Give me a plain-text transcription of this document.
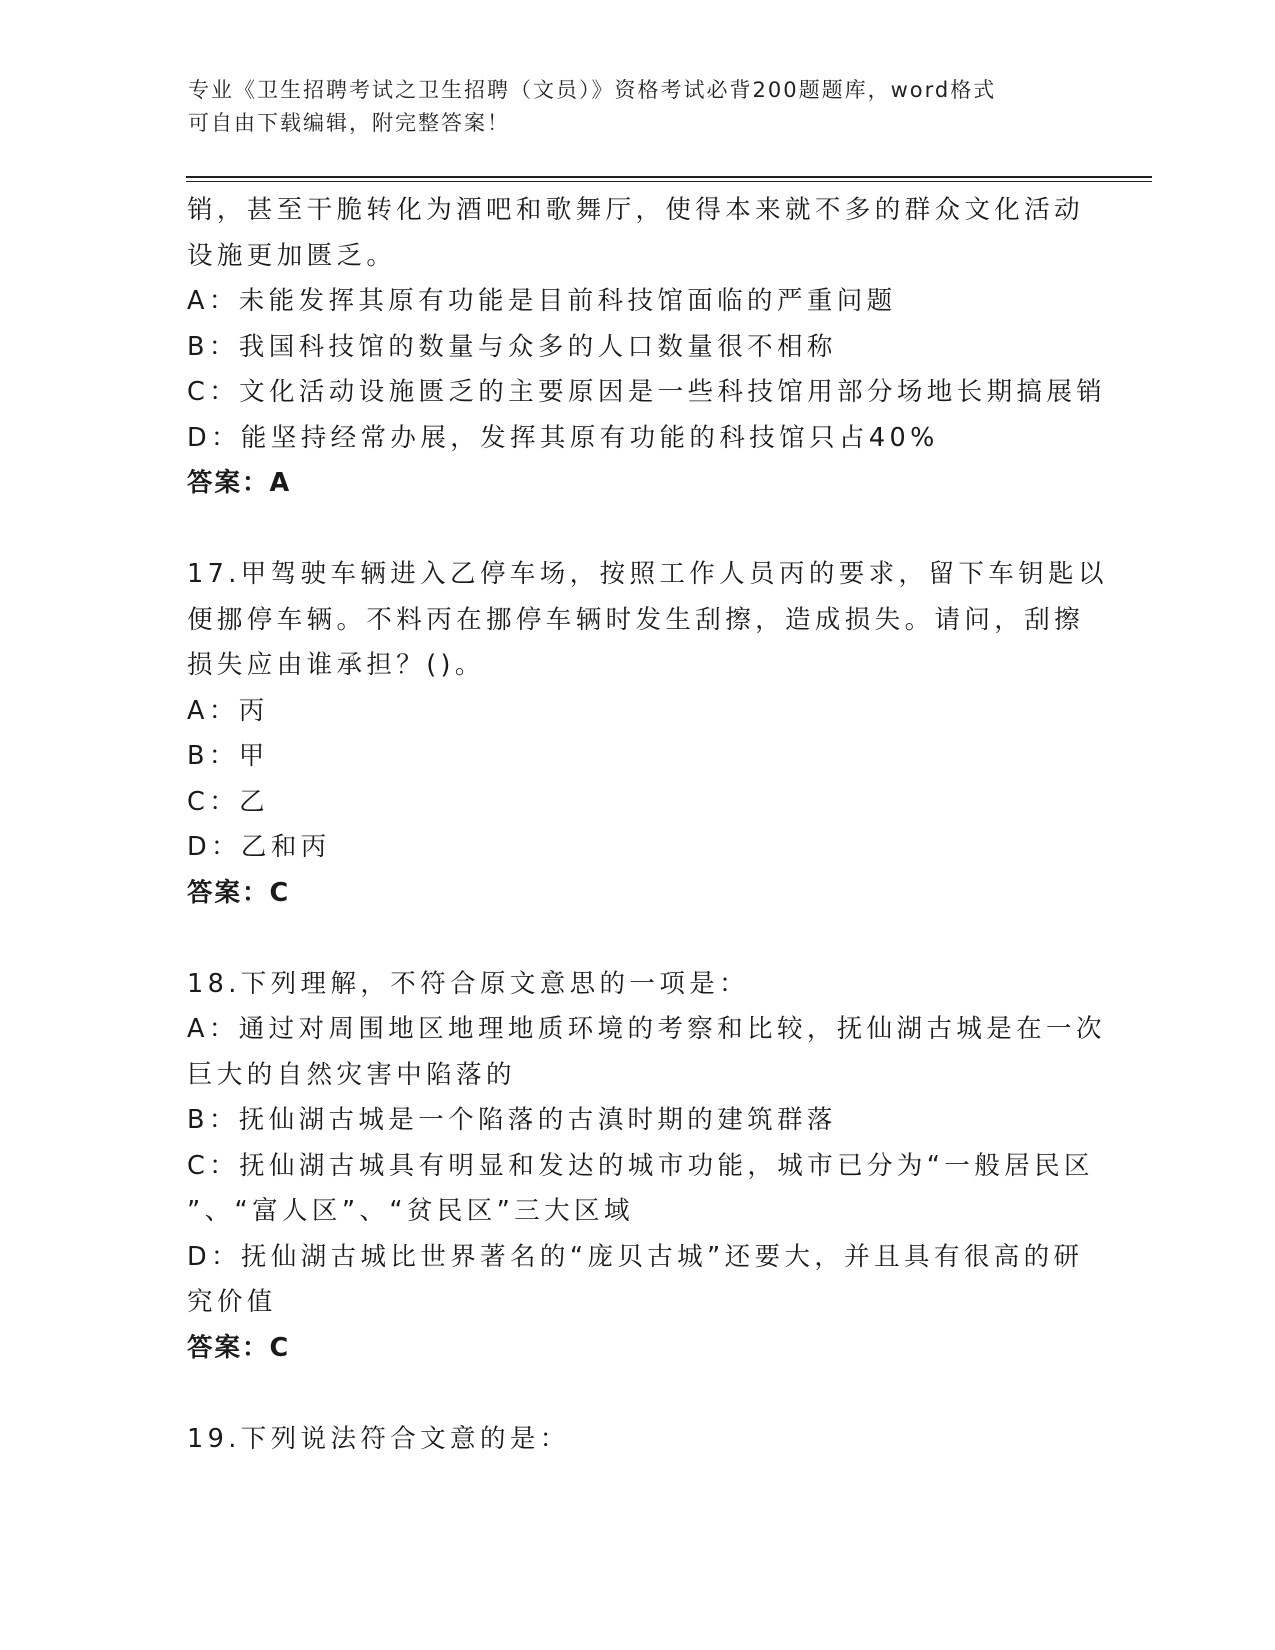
专业《卫生招聘考试之卫生招聘（文员）》资格考试必背200题题库，word格式
可自由下载编辑，附完整答案！
销，甚至干脆转化为酒吧和歌舞厅，使得本来就不多的群众文化活动
设施更加匮乏。
A：未能发挥其原有功能是目前科技馆面临的严重问题
B：我国科技馆的数量与众多的人口数量很不相称
C：文化活动设施匮乏的主要原因是一些科技馆用部分场地长期搞展销
D：能坚持经常办展，发挥其原有功能的科技馆只占40%
答案：A
17.甲驾驶车辆进入乙停车场，按照工作人员丙的要求，留下车钥匙以
便挪停车辆。不料丙在挪停车辆时发生刮擦，造成损失。请问，刮擦
损失应由谁承担？()。
A：丙
B：甲
C：乙
D：乙和丙
答案：C
18.下列理解，不符合原文意思的一项是：
A：通过对周围地区地理地质环境的考察和比较，抚仙湖古城是在一次
巨大的自然灾害中陷落的
B：抚仙湖古城是一个陷落的古滇时期的建筑群落
C：抚仙湖古城具有明显和发达的城市功能，城市已分为“一般居民区
”、“富人区”、“贫民区”三大区域
D：抚仙湖古城比世界著名的“庞贝古城”还要大，并且具有很高的研
究价值
答案：C
19.下列说法符合文意的是：
